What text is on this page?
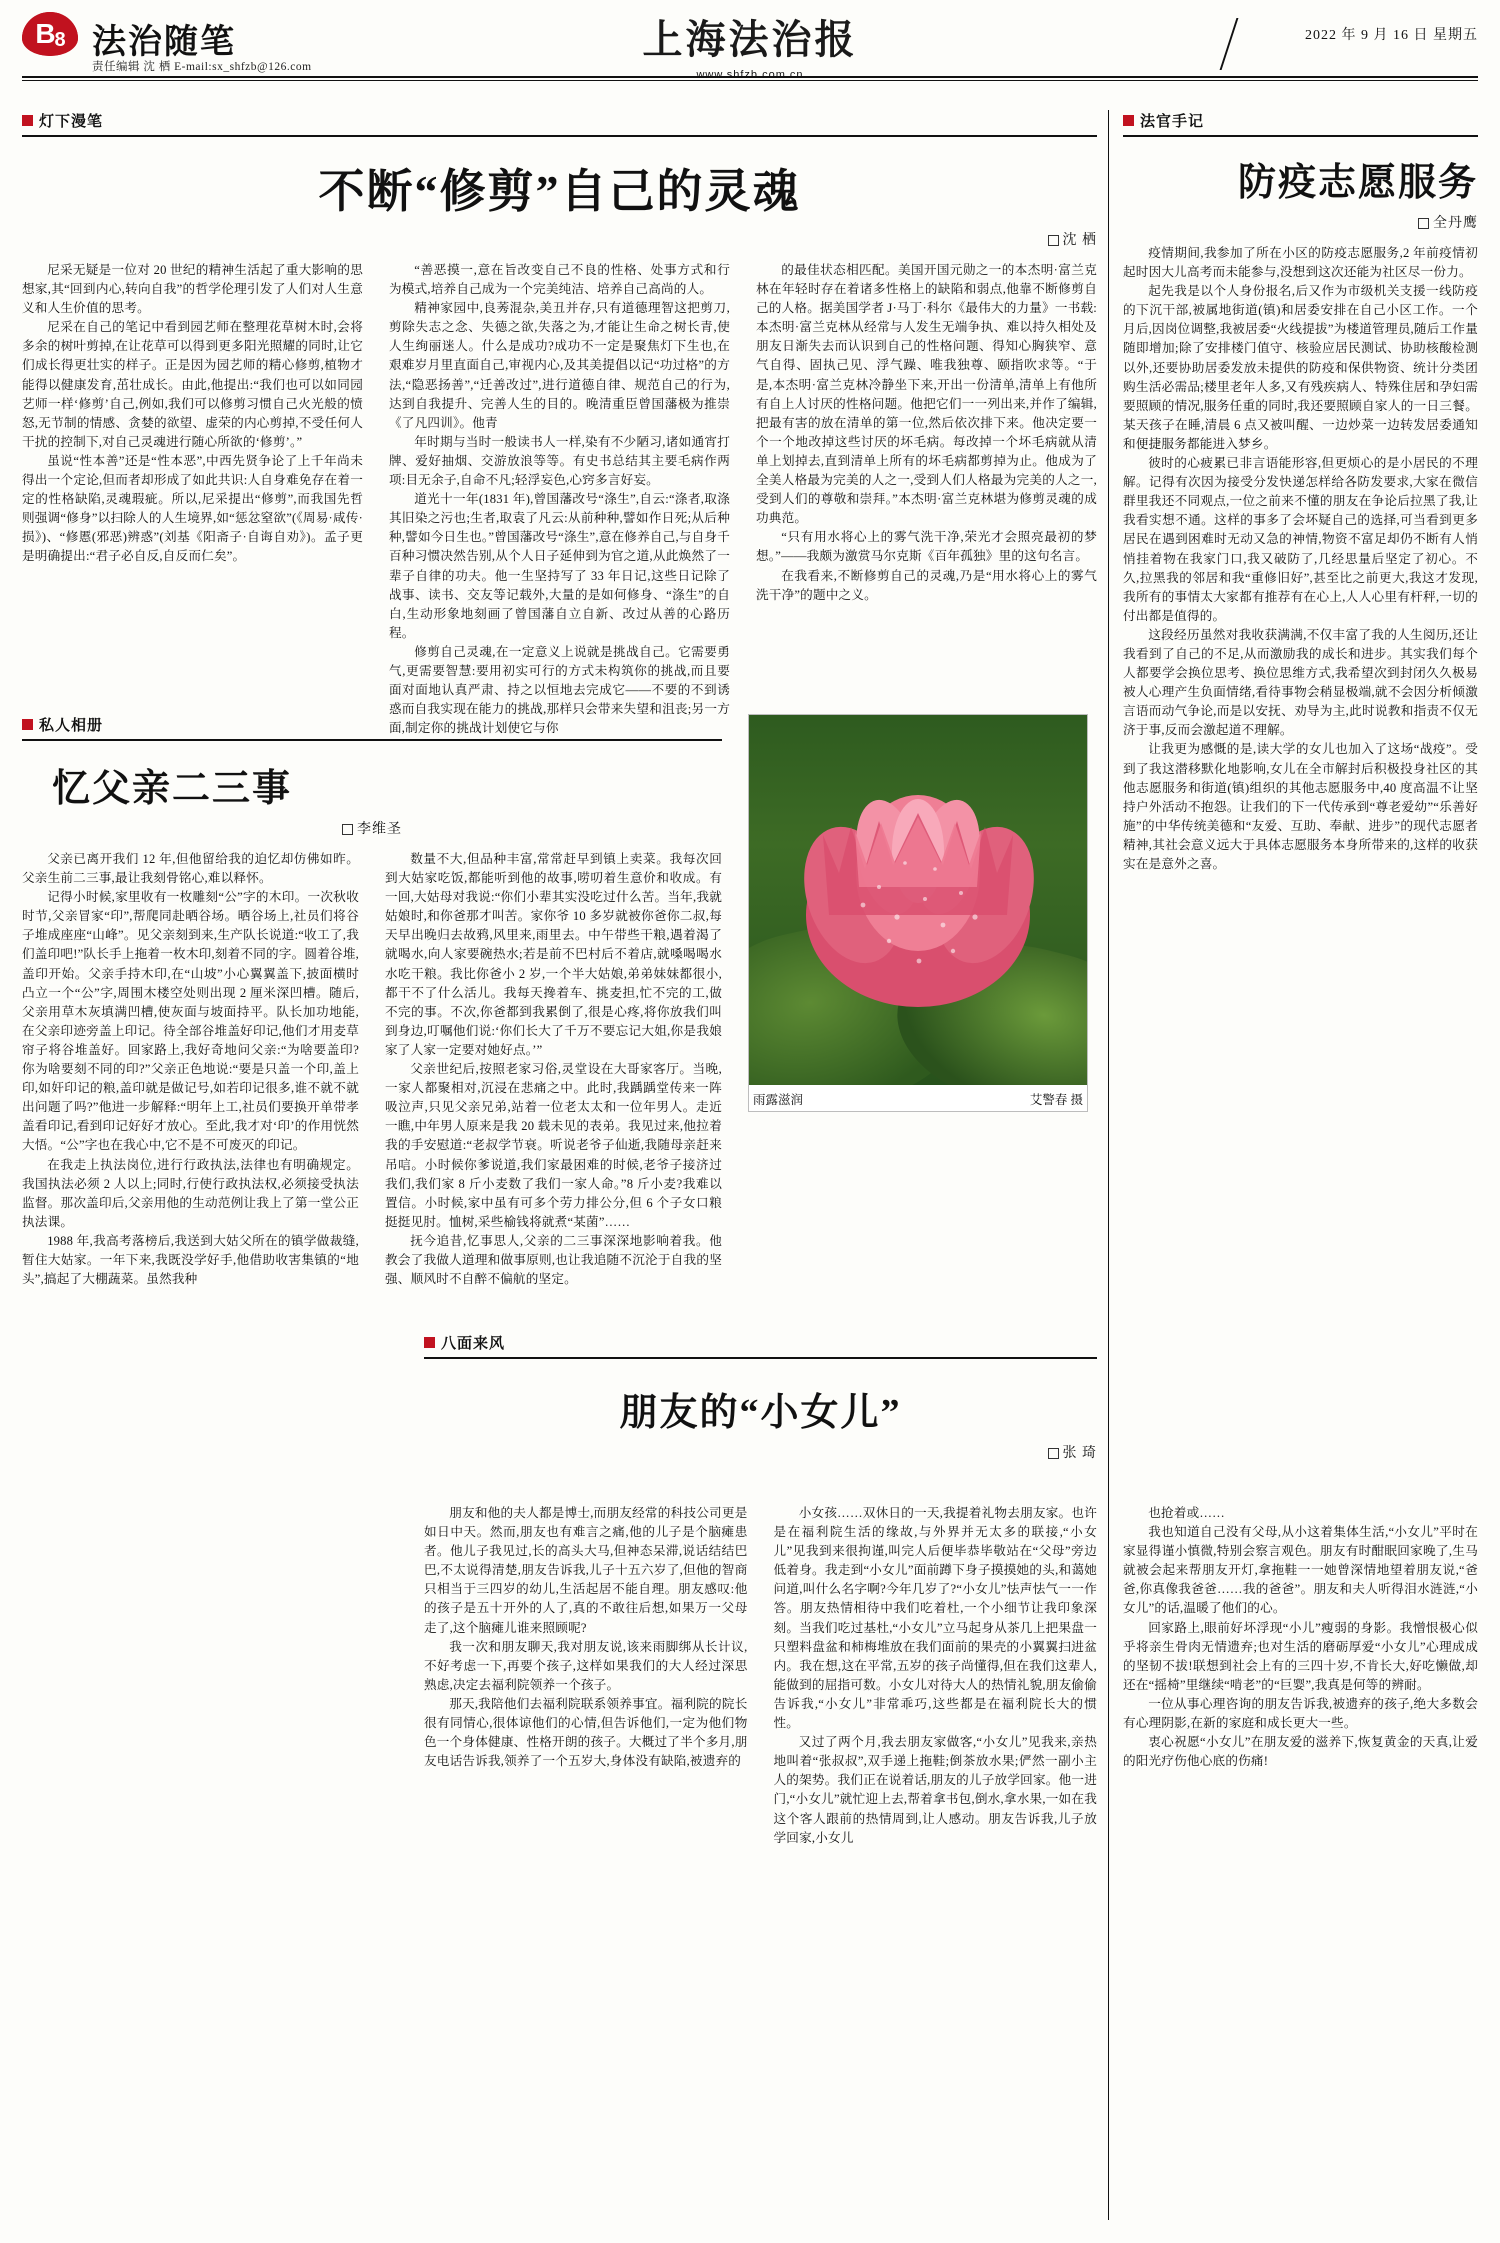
B 8 法治随笔
责任编辑 沈 栖 E-mail:sx_shfzb@126.com
上海法治报
www.shfzb.com.cn
2022 年 9 月 16 日 星期五
灯下漫笔
不断“修剪”自己的灵魂
沈 栖

尼采无疑是一位对 20 世纪的精神生活起了重大影响的思想家,其“回到内心,转向自我”的哲学伦理引发了人们对人生意义和人生价值的思考。

尼采在自己的笔记中看到园艺师在整理花草树木时,会将多余的树叶剪掉,在让花草可以得到更多阳光照耀的同时,让它们成长得更壮实的样子。正是因为园艺师的精心修剪,植物才能得以健康发育,茁壮成长。由此,他提出:“我们也可以如同园艺师一样‘修剪’自己,例如,我们可以修剪习惯自己火光般的愤怒,无节制的情感、贪婪的欲望、虚荣的内心剪掉,不受任何人干扰的控制下,对自己灵魂进行随心所欲的‘修剪’。”

虽说“性本善”还是“性本恶”,中西先贤争论了上千年尚未得出一个定论,但而者却形成了如此共识:人自身难免存在着一定的性格缺陷,灵魂瑕疵。所以,尼采提出“修剪”,而我国先哲则强调“修身”以扫除人的人生境界,如“惩忿窒欲”(《周易·咸传·损》)、“修慝(邪恶)辨惑”(刘基《阳斋子·自诲自劝》)。孟子更是明确提出:“君子必自反,自反而仁矣”。

“善恶摸一,意在旨改变自己不良的性格、处事方式和行为模式,培养自己成为一个完美纯洁、培养自己高尚的人。

精神家园中,良莠混杂,美丑并存,只有道德理智这把剪刀,剪除失志之念、失德之欲,失落之为,才能让生命之树长青,使人生绚丽迷人。什么是成功?成功不一定是聚焦灯下生也,在艰难岁月里直面自己,审视内心,及其美提倡以记“功过格”的方法,“隐恶扬善”,“迁善改过”,进行道德自律、规范自己的行为,达到自我提升、完善人生的目的。晚清重臣曾国藩极为推崇《了凡四训》。他青

年时期与当时一般读书人一样,染有不少陋习,诸如通宵打牌、爱好抽烟、交游放浪等等。有史书总结其主要毛病作两项:目无余子,自命不凡;轻浮妄色,心窍多言好妄。

道光十一年(1831 年),曾国藩改号“涤生”,自云:“涤者,取涤其旧染之污也;生者,取袁了凡云:从前种种,譬如作日死;从后种种,譬如今日生也。”曾国藩改号“涤生”,意在修养自己,与自身千百种习惯决然告别,从个人日子延伸到为官之道,从此焕然了一辈子自律的功夫。他一生坚持写了 33 年日记,这些日记除了战事、读书、交友等记载外,大量的是如何修身、“涤生”的自白,生动形象地刻画了曾国藩自立自新、改过从善的心路历程。

修剪自己灵魂,在一定意义上说就是挑战自己。它需要勇气,更需要智慧:要用初实可行的方式未构筑你的挑战,而且要面对面地认真严肃、持之以恒地去完成它——不要的不到诱惑而自我实现在能力的挑战,那样只会带来失望和沮丧;另一方面,制定你的挑战计划使它与你

的最佳状态相匹配。美国开国元勋之一的本杰明·富兰克林在年轻时存在着诸多性格上的缺陷和弱点,他靠不断修剪自己的人格。据美国学者 J·马丁·科尔《最伟大的力量》一书载:本杰明·富兰克林从经常与人发生无端争执、难以持久相处及朋友日渐失去而认识到自己的性格问题、得知心胸狭窄、意气自得、固执己见、浮气躁、唯我独尊、颐指吹求等。“于是,本杰明·富兰克林冷静坐下来,开出一份清单,清单上有他所有自上人讨厌的性格问题。他把它们一一列出来,并作了编辑,把最有害的放在清单的第一位,然后依次排下来。他决定要一个一个地改掉这些讨厌的坏毛病。每改掉一个坏毛病就从清单上划掉去,直到清单上所有的坏毛病都剪掉为止。他成为了全美人格最为完美的人之一,受到人们人格最为完美的人之一,受到人们的尊敬和崇拜。”本杰明·富兰克林堪为修剪灵魂的成功典范。

“只有用水将心上的雾气洗干净,荣光才会照亮最初的梦想。”——我颇为激赏马尔克斯《百年孤独》里的这句名言。

在我看来,不断修剪自己的灵魂,乃是“用水将心上的雾气洗干净”的题中之义。

法官手记
防疫志愿服务
全丹鹰

疫情期间,我参加了所在小区的防疫志愿服务,2 年前疫情初起时因大儿高考而未能参与,没想到这次还能为社区尽一份力。

起先我是以个人身份报名,后又作为市级机关支援一线防疫的下沉干部,被属地街道(镇)和居委安排在自己小区工作。一个月后,因岗位调整,我被居委“火线提拔”为楼道管理员,随后工作量随即增加;除了安排楼门值守、核验应居民测试、协助核酸检测以外,还要协助居委发放未提供的防疫和保供物资、统计分类团购生活必需品;楼里老年人多,又有残疾病人、特殊住居和孕妇需要照顾的情况,服务任重的同时,我还要照顾自家人的一日三餐。某天孩子在睡,清晨 6 点又被叫醒、一边炒菜一边转发居委通知和便捷服务都能进入梦乡。

彼时的心疲累已非言语能形容,但更烦心的是小居民的不理解。记得有次因为接受分发快递怎样给各防发要求,大家在微信群里我还不同观点,一位之前来不懂的朋友在争论后拉黑了我,让我看实想不通。这样的事多了会坏疑自己的选择,可当看到更多居民在遇到困难时无动又急的神情,物资不富足却仍不断有人悄悄挂着物在我家门口,我又破防了,几经思量后坚定了初心。不久,拉黑我的邻居和我“重修旧好”,甚至比之前更大,我这才发现,我所有的事情太大家都有推荐有在心上,人人心里有杆秤,一切的付出都是值得的。

这段经历虽然对我收获满满,不仅丰富了我的人生阅历,还让我看到了自己的不足,从而激励我的成长和进步。其实我们每个人都要学会换位思考、换位思维方式,我希望次到封闭久久极易被人心理产生负面情绪,看待事物会稍显极端,就不会因分析倾激言语而动气争论,而是以安抚、劝导为主,此时说教和指责不仅无济于事,反而会激起道不理解。

让我更为感慨的是,读大学的女儿也加入了这场“战疫”。受到了我这潜移默化地影响,女儿在全市解封后积极投身社区的其他志愿服务和街道(镇)组织的其他志愿服务中,40 度高温不让坚持户外活动不抱怨。让我们的下一代传承到“尊老爱幼”“乐善好施”的中华传统美德和“友爱、互助、奉献、进步”的现代志愿者精神,其社会意义远大于具体志愿服务本身所带来的,这样的收获实在是意外之喜。

私人相册
忆父亲二三事
李维圣

父亲已离开我们 12 年,但他留给我的迫忆却仿佛如昨。父亲生前二三事,最让我刻骨铭心,难以释怀。

记得小时候,家里收有一枚雕刻“公”字的木印。一次秋收时节,父亲冒家“印”,帮爬同赴晒谷场。晒谷场上,社员们将谷子堆成座座“山峰”。见父亲刻到来,生产队长说道:“收工了,我们盖印吧!”队长手上拖着一枚木印,刻着不同的字。圆着谷堆,盖印开始。父亲手持木印,在“山坡”小心翼翼盖下,披面横时凸立一个“公”字,周围木楼空处则出现 2 厘米深凹槽。随后,父亲用草木灰填满凹槽,使灰面与坡面持平。队长加功地能,在父亲印迹旁盖上印记。待全部谷堆盖好印记,他们才用麦草帘子将谷堆盖好。回家路上,我好奇地问父亲:“为啥要盖印?你为啥要刻不同的印?”父亲正色地说:“要是只盖一个印,盖上印,如奸印记的粮,盖印就是做记号,如若印记很多,谁不就不就出问题了吗?”他进一步解释:“明年上工,社员们要换开单带孝盖看印记,看到印记好好才放心。至此,我才对‘印’的作用恍然大悟。“公”字也在我心中,它不是不可废灭的印记。

在我走上执法岗位,进行行政执法,法律也有明确规定。我国执法必须 2 人以上;同时,行使行政执法权,必须接受执法监督。那次盖印后,父亲用他的生动范例让我上了第一堂公正执法课。

1988 年,我高考落榜后,我送到大姑父所在的镇学做裁缝,暂住大姑家。一年下来,我既没学好手,他借助收害集镇的“地头”,搞起了大棚蔬菜。虽然我种

数量不大,但品种丰富,常常赶早到镇上卖菜。我每次回到大姑家吃饭,都能听到他的故事,唠叨着生意价和收成。有一回,大姑母对我说:“你们小辈其实没吃过什么苦。当年,我就姑娘时,和你爸那才叫苦。家你爷 10 多岁就被你爸你二叔,每天早出晚归去故鸦,风里来,雨里去。中午带些干粮,遇着渴了就喝水,向人家要碗热水;若是前不巴村后不着店,就嗓喝喝水水吃干粮。我比你爸小 2 岁,一个半大姑娘,弟弟妹妹都很小,都干不了什么活儿。我每天搀着车、挑麦担,忙不完的工,做不完的事。不次,你爸都到我累倒了,很是心疼,将你放我们叫到身边,叮嘱他们说:‘你们长大了千万不要忘记大姐,你是我娘家了人家一定要对她好点。’”

父亲世纪后,按照老家习俗,灵堂设在大哥家客厅。当晚,一家人都聚相对,沉浸在悲痛之中。此时,我踽踽堂传来一阵吸泣声,只见父亲兄弟,站着一位老太太和一位年男人。走近一瞧,中年男人原来是我 20 载未见的表弟。我见过来,他拉着我的手安慰道:“老叔学节衰。听说老爷子仙逝,我随母亲赶来吊唁。小时候你爹说道,我们家最困难的时候,老爷子接济过我们,我们家 8 斤小麦数了我们一家人命。”8 斤小麦?我难以置信。小时候,家中虽有可多个劳力排公分,但 6 个子女口粮挺挺见肘。恤树,采些榆钱将就煮“某菌”……

抚今追昔,忆事思人,父亲的二三事深深地影响着我。他教会了我做人道理和做事原则,也让我追随不沉沦于自我的坚强、顺风时不自醉不偏航的坚定。

雨露滋润	艾警春 摄
八面来风
朋友的“小女儿”
张 琦

朋友和他的夫人都是博士,而朋友经常的科技公司更是如日中天。然而,朋友也有难言之痛,他的儿子是个脑瘫患者。他儿子我见过,长的高头大马,但神态呆滞,说话结结巴巴,不太说得清楚,朋友告诉我,儿子十五六岁了,但他的智商只相当于三四岁的幼儿,生活起居不能自理。朋友感叹:他的孩子是五十开外的人了,真的不敢往后想,如果万一父母走了,这个脑瘫儿谁来照顾呢?

我一次和朋友聊天,我对朋友说,该来雨脚绑从长计议,不好考虑一下,再要个孩子,这样如果我们的大人经过深思熟虑,决定去福利院领养一个孩子。

那天,我陪他们去福利院联系领养事宜。福利院的院长很有同情心,很体谅他们的心情,但告诉他们,一定为他们物色一个身体健康、性格开朗的孩子。大概过了半个多月,朋友电话告诉我,领养了一个五岁大,身体没有缺陷,被遗弃的

小女孩……双休日的一天,我提着礼物去朋友家。也许是在福利院生活的缘故,与外界并无太多的联接,“小女儿”见我到来很拘谨,叫完人后便毕恭毕敬站在“父母”旁边低着身。我走到“小女儿”面前蹲下身子摸摸她的头,和蔼她问道,叫什么名字啊?今年几岁了?“小女儿”怯声怯气一一作答。朋友热情相待中我们吃着杜,一个小细节让我印象深刻。当我们吃过基杜,“小女儿”立马起身从茶几上把果盘一只塑料盘盆和柿梅堆放在我们面前的果壳的小翼翼扫进盆内。我在想,这在平常,五岁的孩子尚懂得,但在我们这辈人,能做到的屈指可数。小女儿对待大人的热情礼貌,朋友偷偷告诉我,“小女儿”非常乖巧,这些都是在福利院长大的惯性。

又过了两个月,我去朋友家做客,“小女儿”见我来,亲热地叫着“张叔叔”,双手递上拖鞋;倒茶放水果;俨然一副小主人的架势。我们正在说着话,朋友的儿子放学回家。他一进门,“小女儿”就忙迎上去,帮着拿书包,倒水,拿水果,一如在我这个客人跟前的热情周到,让人感动。朋友告诉我,儿子放学回家,小女儿

也抢着或……

我也知道自己没有父母,从小这着集体生活,“小女儿”平时在家显得谨小慎微,特别会察言观色。朋友有时酣眠回家晚了,生马就被会起来帮朋友开灯,拿拖鞋一一她曾深情地望着朋友说,“爸爸,你真像我爸爸……我的爸爸”。朋友和夫人听得泪水涟涟,“小女儿”的话,温暖了他们的心。

回家路上,眼前好坏浮现“小儿”瘦弱的身影。我憎恨极心似乎将亲生骨肉无情遗弃;也对生活的磨砺厚爱“小女儿”心理成成的坚韧不拔!联想到社会上有的三四十岁,不肯长大,好吃懒做,却还在“摇椅”里继续“啃老”的“巨婴”,我真是何等的辨耐。

一位从事心理咨询的朋友告诉我,被遗弃的孩子,绝大多数会有心理阴影,在新的家庭和成长更大一些。

衷心祝愿“小女儿”在朋友爱的滋养下,恢复黄金的天真,让爱的阳光疗伤他心底的伤痛!
